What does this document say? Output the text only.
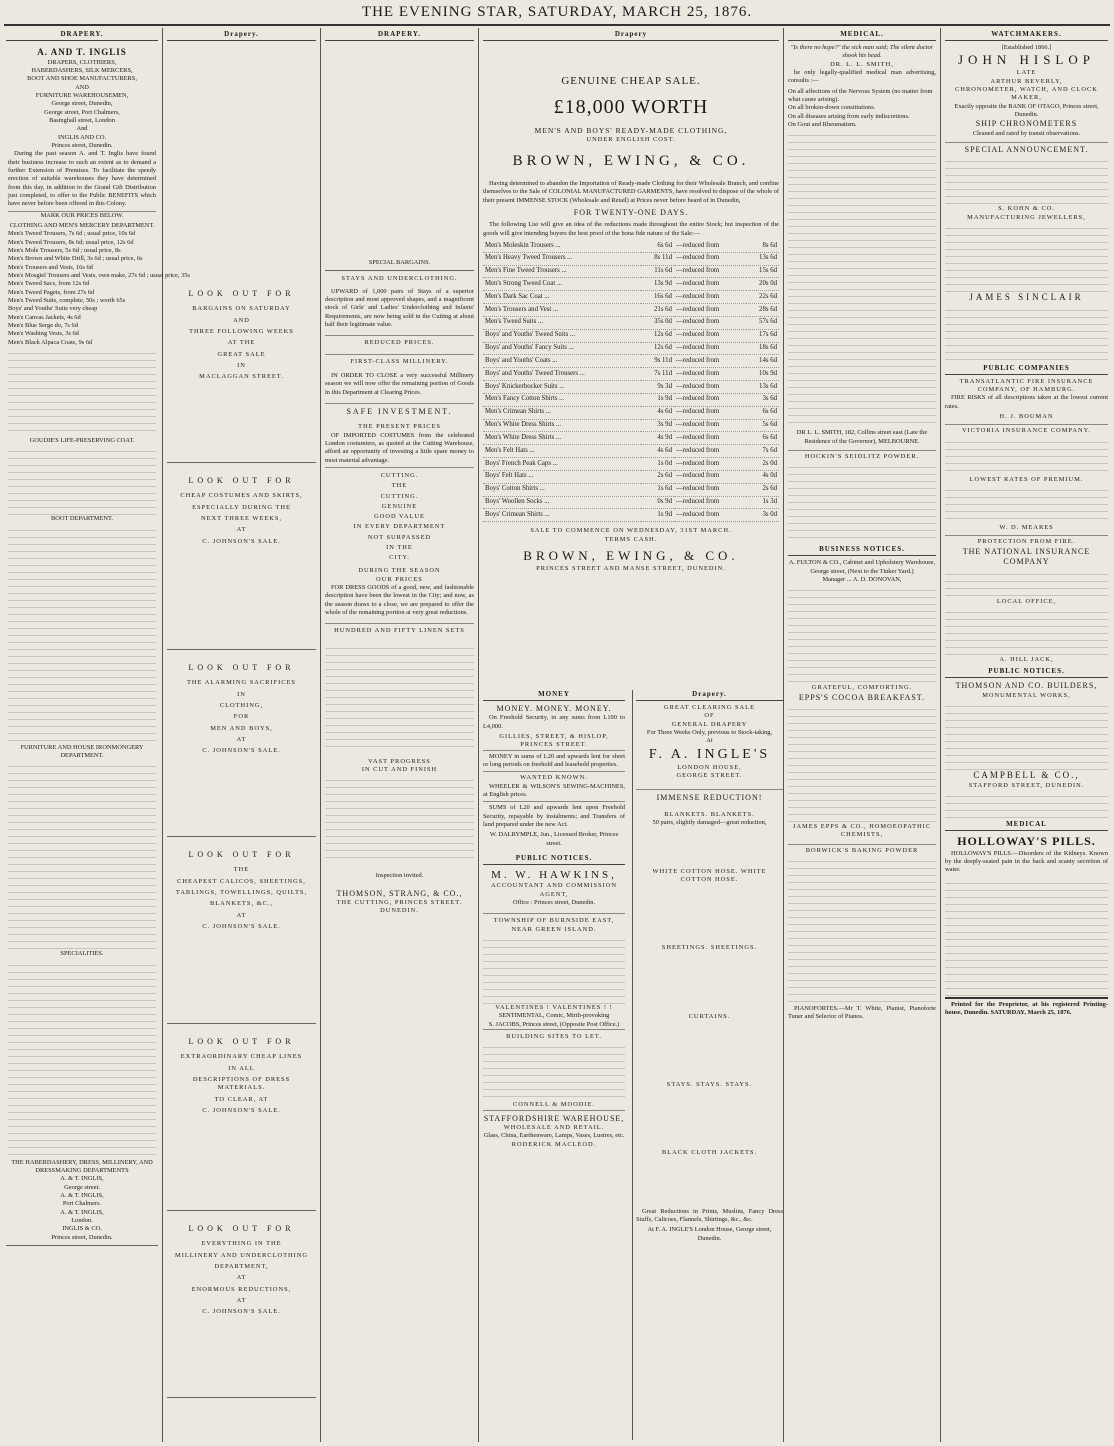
THE EVENING STAR, SATURDAY, MARCH 25, 1876.
DRAPERY.
A. AND T. INGLIS
DRAPERS, CLOTHIERS,
HABERDASHERS, SILK MERCERS,
BOOT AND SHOE MANUFACTURERS,
AND
FURNITURE WAREHOUSEMEN,
George street, Dunedin,
George street, Port Chalmers,
Basinghall street, London
And
INGLIS AND CO.
Princes street, Dunedin.

During the past season A. and T. Inglis have found their business increase to such an extent as to demand a further Extension of Premises. To facilitate the speedy erection of suitable warehouses they have determined from this day, in addition to the Grand Gift Distribution just completed, to offer to the Public BENEFITS which have never before been offered in this Colony.

MARK OUR PRICES BELOW.
CLOTHING AND MEN'S MERCERY DEPARTMENT.
Men's Tweed Trousers, 7s 6d ; usual price, 10s 6d
Men's Tweed Trousers, 8s 6d; usual price, 12s 6d
Men's Mole Trousers, 5s 6d ; usual price, 8s
Men's Brown and White Drill, 3s 6d ; usual price, 6s
Men's Trousers and Vests, 16s 6d
Men's Mosgiel Trousers and Vests, own make, 27s 6d ; usual price, 35s
Men's Tweed Sacs, from 12s 6d
Men's Tweed Pagets, from 27s 6d
Men's Tweed Suits, complete, 50s ; worth 65s
Boys' and Youths' Suits very cheap
Men's Canvas Jackets, 4s 6d
Men's Blue Serge do, 7s 6d
Men's Washing Vests, 3s 6d
Men's Black Alpaca Coats, 9s 6d
GOUDIE'S LIFE-PRESERVING COAT.
BOOT DEPARTMENT.
FURNITURE AND HOUSE IRONMONGERY DEPARTMENT.
SPECIALITIES.
THE HABERDASHERY, DRESS, MILLINERY, AND DRESSMAKING DEPARTMENTS
A. & T. INGLIS,
George street.
A. & T. INGLIS,
Port Chalmers.
A. & T. INGLIS,
London.
INGLIS & CO.
Princes street, Dunedin.
Drapery.
LOOK OUT FOR
BARGAINS ON SATURDAY
AND
THREE FOLLOWING WEEKS
AT THE
GREAT SALE
IN
MACLAGGAN STREET.
LOOK OUT FOR
CHEAP COSTUMES AND SKIRTS,
ESPECIALLY DURING THE
NEXT THREE WEEKS,
AT
C. JOHNSON'S SALE.
LOOK OUT FOR
THE ALARMING SACRIFICES
IN
CLOTHING,
FOR
MEN AND BOYS,
AT
C. JOHNSON'S SALE.
LOOK OUT FOR
THE
CHEAPEST CALICOS, SHEETINGS,
TABLINGS, TOWELLINGS, QUILTS,
BLANKETS, &C.,
AT
C. JOHNSON'S SALE.
LOOK OUT FOR
EXTRAORDINARY CHEAP LINES
IN ALL
DESCRIPTIONS OF DRESS MATERIALS.
TO CLEAR, AT
C. JOHNSON'S SALE.
LOOK OUT FOR
EVERYTHING IN THE
MILLINERY AND UNDERCLOTHING
DEPARTMENT,
AT
ENORMOUS REDUCTIONS,
AT
C. JOHNSON'S SALE.
DRAPERY.
SPECIAL BARGAINS.
STAYS AND UNDERCLOTHING.

UPWARD of 1,000 pairs of Stays of a superior description and most approved shapes, and a magnificent stock of Girls' and Ladies' Underclothing and Infants' Requirements, are now being sold in the Cutting at about half their legitimate value.

REDUCED PRICES.
FIRST-CLASS MILLINERY.

IN ORDER TO CLOSE a very successful Millinery season we will now offer the remaining portion of Goods in this Department at Clearing Prices.

SAFE INVESTMENT.
THE PRESENT PRICES

OF IMPORTED COSTUMES from the celebrated London costumiers, as quoted at the Cutting Warehouse, afford an opportunity of investing a little spare money to most material advantage.

CUTTING.
THE
CUTTING.
GENUINE
GOOD VALUE
IN EVERY DEPARTMENT
NOT SURPASSED
IN THE
CITY.
DURING THE SEASON
OUR PRICES

FOR DRESS GOODS of a good, new, and fashionable description have been the lowest in the City; and now, as the season draws to a close, we are prepared to offer the whole of the remaining portion at very great reductions.

HUNDRED AND FIFTY LINEN SETS
VAST PROGRESS
IN CUT AND FINISH
Inspection invited.
THOMSON, STRANG, & CO.,
THE CUTTING, PRINCES STREET.
DUNEDIN.
Drapery
GENUINE CHEAP SALE.
£18,000 WORTH
MEN'S AND BOYS' READY-MADE CLOTHING,
UNDER ENGLISH COST.
BROWN, EWING, & CO.

Having determined to abandon the Importation of Ready-made Clothing for their Wholesale Branch, and confine themselves to the Sale of COLONIAL MANUFACTURED GARMENTS, have resolved to dispose of the whole of their present IMMENSE STOCK (Wholesale and Retail) at Prices never before heard of in Dunedin,

FOR TWENTY-ONE DAYS.

The following List will give an idea of the reductions made throughout the entire Stock; but inspection of the goods will give intending buyers the best proof of the bona fide nature of the Sale:—

Men's Moleskin Trousers ...	6s 6d	—reduced from	8s 6d
Men's Heavy Tweed Trousers ...	8s 11d	—reduced from	13s 6d
Men's Fine Tweed Trousers ...	11s 6d	—reduced from	15s 6d
Men's Strong Tweed Coat ...	13s 9d	—reduced from	20s 0d
Men's Dark Sac Coat ...	16s 6d	—reduced from	22s 6d
Men's Trousers and Vest ...	21s 6d	—reduced from	28s 6d
Men's Tweed Suits ...	35s 0d	—reduced from	57s 6d
Boys' and Youths' Tweed Suits ...	12s 6d	—reduced from	17s 6d
Boys' and Youths' Fancy Suits ...	12s 6d	—reduced from	18s 6d
Boys' and Youths' Coats ...	9s 11d	—reduced from	14s 6d
Boys' and Youths' Tweed Trousers ...	7s 11d	—reduced from	10s 9d
Boys' Knickerbocker Suits ...	9s 3d	—reduced from	13s 6d
Men's Fancy Cotton Shirts ...	1s 9d	—reduced from	3s 6d
Men's Crimean Shirts ...	4s 6d	—reduced from	6s 6d
Men's White Dress Shirts ...	3s 9d	—reduced from	5s 6d
Men's White Dress Shirts ...	4s 9d	—reduced from	6s 6d
Men's Felt Hats ...	4s 6d	—reduced from	7s 6d
Boys' French Peak Caps ...	1s 0d	—reduced from	2s 0d
Boys' Felt Hats ...	2s 6d	—reduced from	4s 0d
Boys' Cotton Shirts ...	1s 6d	—reduced from	2s 6d
Boys' Woollen Socks ...	0s 9d	—reduced from	1s 3d
Boys' Crimean Shirts ...	1s 9d	—reduced from	3s 0d
SALE TO COMMENCE ON WEDNESDAY, 31ST MARCH.
TERMS CASH.
BROWN, EWING, & CO.
PRINCES STREET AND MANSE STREET, DUNEDIN.
MONEY
MONEY. MONEY. MONEY.

On Freehold Security, in any sums from L100 to L4,000.

GILLIES, STREET, & HISLOP, PRINCES STREET.

MONEY in sums of L20 and upwards lent for short or long periods on freehold and leasehold properties.

WANTED KNOWN.

WHEELER & WILSON'S SEWING-MACHINES, at English prices.

SUMS of L20 and upwards lent upon Freehold Security, repayable by instalments; and Transfers of land prepared under the new Act.

W. DALRYMPLE, Jun., Licensed Broker, Princes street.
PUBLIC NOTICES.
M. W. HAWKINS,
ACCOUNTANT AND COMMISSION AGENT,
Office : Princes street, Dunedin.
TOWNSHIP OF BURNSIDE EAST, NEAR GREEN ISLAND.
VALENTINES ! VALENTINES ! !
SENTIMENTAL, Comic, Mirth-provoking
S. JACOBS, Princes street, (Opposite Post Office.)
BUILDING SITES TO LET.
CONNELL & MOODIE.
STAFFORDSHIRE WAREHOUSE,
WHOLESALE AND RETAIL.
Glass, China, Earthenware, Lamps, Vases, Lustres, etc.
RODERICK MACLEOD.
Drapery.
GREAT CLEARING SALE
OF
GENERAL DRAPERY
For Three Weeks Only, previous to Stock-taking,
At
F. A. INGLE'S
LONDON HOUSE,
GEORGE STREET.
IMMENSE REDUCTION!
BLANKETS. BLANKETS.
50 pairs, slightly damaged—great reduction,
WHITE COTTON HOSE. WHITE COTTON HOSE.
SHEETINGS. SHEETINGS.
CURTAINS.
STAYS. STAYS. STAYS.
BLACK CLOTH JACKETS.

Great Reductions in Prints, Muslins, Fancy Dress Stuffs, Calicoes, Flannels, Shirtings, &c., &c.

At F. A. INGLE'S London House, George street, Dunedin.
MEDICAL.
"Is there no hope?" the sick man said; The silent doctor shook his head.
DR. L. L. SMITH,

he only legally-qualified medical man advertising, consults :—

On all affections of the Nervous System (no matter from what cause arising).
On all broken-down constitutions.
On all diseases arising from early indiscretions.
On Gout and Rheumatism.
DR L. L. SMITH, 182, Collins street east (Late the Residence of the Governor), MELBOURNE.
HOCKIN'S SEIDLITZ POWDER.
BUSINESS NOTICES.
A. FULTON & CO., Cabinet and Upholstery Warehouse, George street, (Next to the Tinker Yard.)
Manager ... A. D. DONOVAN,
GRATEFUL, COMFORTING.
EPPS'S COCOA BREAKFAST.
JAMES EPPS & CO., HOMOEOPATHIC CHEMISTS,
BORWICK'S BAKING POWDER

PIANOFORTES.—Mr T. White, Pianist, Pianoforte Tuner and Selector of Pianos.

WATCHMAKERS.
[Established 1866.]
JOHN HISLOP
LATE
ARTHUR BEVERLY,
CHRONOMETER, WATCH, AND CLOCK MAKER,
Exactly opposite the BANK OF OTAGO, Princes street, Dunedin.
SHIP CHRONOMETERS
Cleaned and rated by transit observations.
SPECIAL ANNOUNCEMENT.
S. KOHN & CO.
MANUFACTURING JEWELLERS,
JAMES SINCLAIR
PUBLIC COMPANIES
TRANSATLANTIC FIRE INSURANCE COMPANY, OF HAMBURG.

FIRE RISKS of all descriptions taken at the lowest current rates.

H. J. BOUMAN
VICTORIA INSURANCE COMPANY.
LOWEST RATES OF PREMIUM.
W. D. MEARES
PROTECTION FROM FIRE.
THE NATIONAL INSURANCE COMPANY
LOCAL OFFICE,
A. HILL JACK,
PUBLIC NOTICES.
THOMSON AND CO. BUILDERS,
MONUMENTAL WORKS,
CAMPBELL & CO.,
STAFFORD STREET, DUNEDIN.
MEDICAL
HOLLOWAY'S PILLS.

HOLLOWAY'S PILLS.—Disorders of the Kidneys. Known by the deeply-seated pain in the back and scanty secretion of water.

Printed for the Proprietor, at his registered Printing-house, Dunedin. SATURDAY, March 25, 1876.
